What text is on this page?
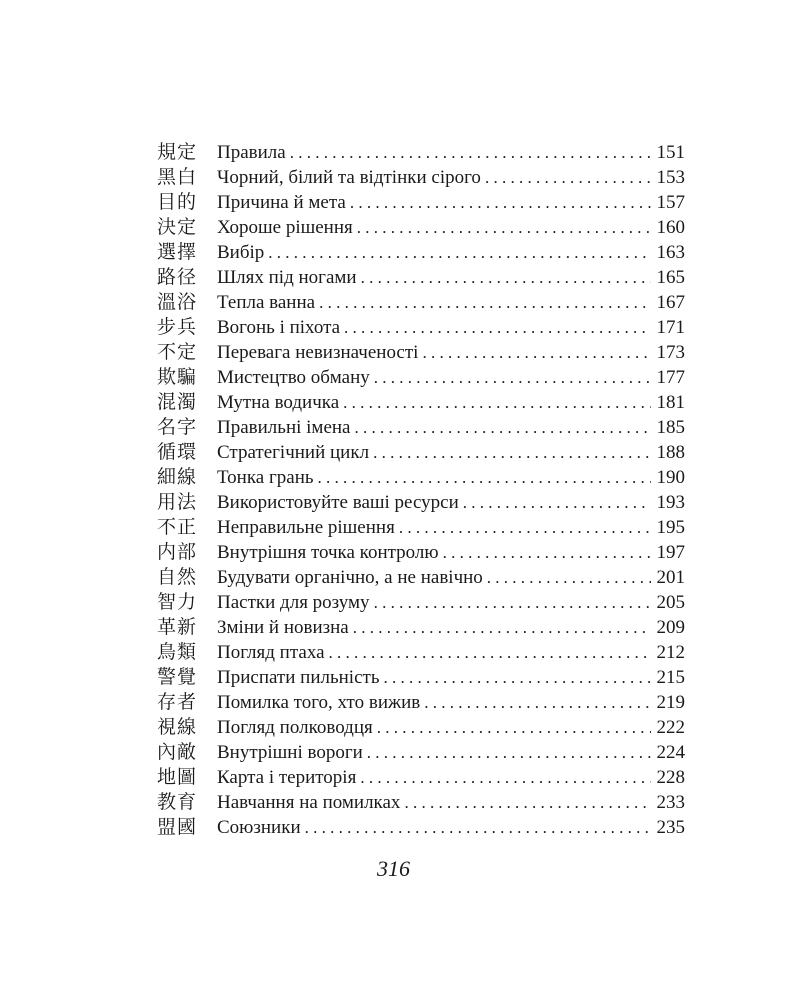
規定	Правила . . .	151
黑白	Чорний, білий та відтінки сірого . . .	153
目的	Причина й мета . . .	157
決定	Хороше рішення . . .	160
選擇	Вибір . . .	163
路径	Шлях під ногами . . .	165
溫浴	Тепла ванна . . .	167
步兵	Вогонь і піхота . . .	171
不定	Перевага невизначеності . . .	173
欺騙	Мистецтво обману . . .	177
混濁	Мутна водичка . . .	181
名字	Правильні імена . . .	185
循環	Стратегічний цикл . . .	188
細線	Тонка грань . . .	190
用法	Використовуйте ваші ресурси . . .	193
不正	Неправильне рішення . . .	195
内部	Внутрішня точка контролю . . .	197
自然	Будувати органічно, а не навічно . . .	201
智力	Пастки для розуму . . .	205
革新	Зміни й новизна . . .	209
鳥類	Погляд птаха . . .	212
警覺	Приспати пильність . . .	215
存者	Помилка того, хто вижив . . .	219
視線	Погляд полководця . . .	222
內敵	Внутрішні вороги . . .	224
地圖	Карта і територія . . .	228
教育	Навчання на помилках . . .	233
盟國	Союзники . . .	235
316
